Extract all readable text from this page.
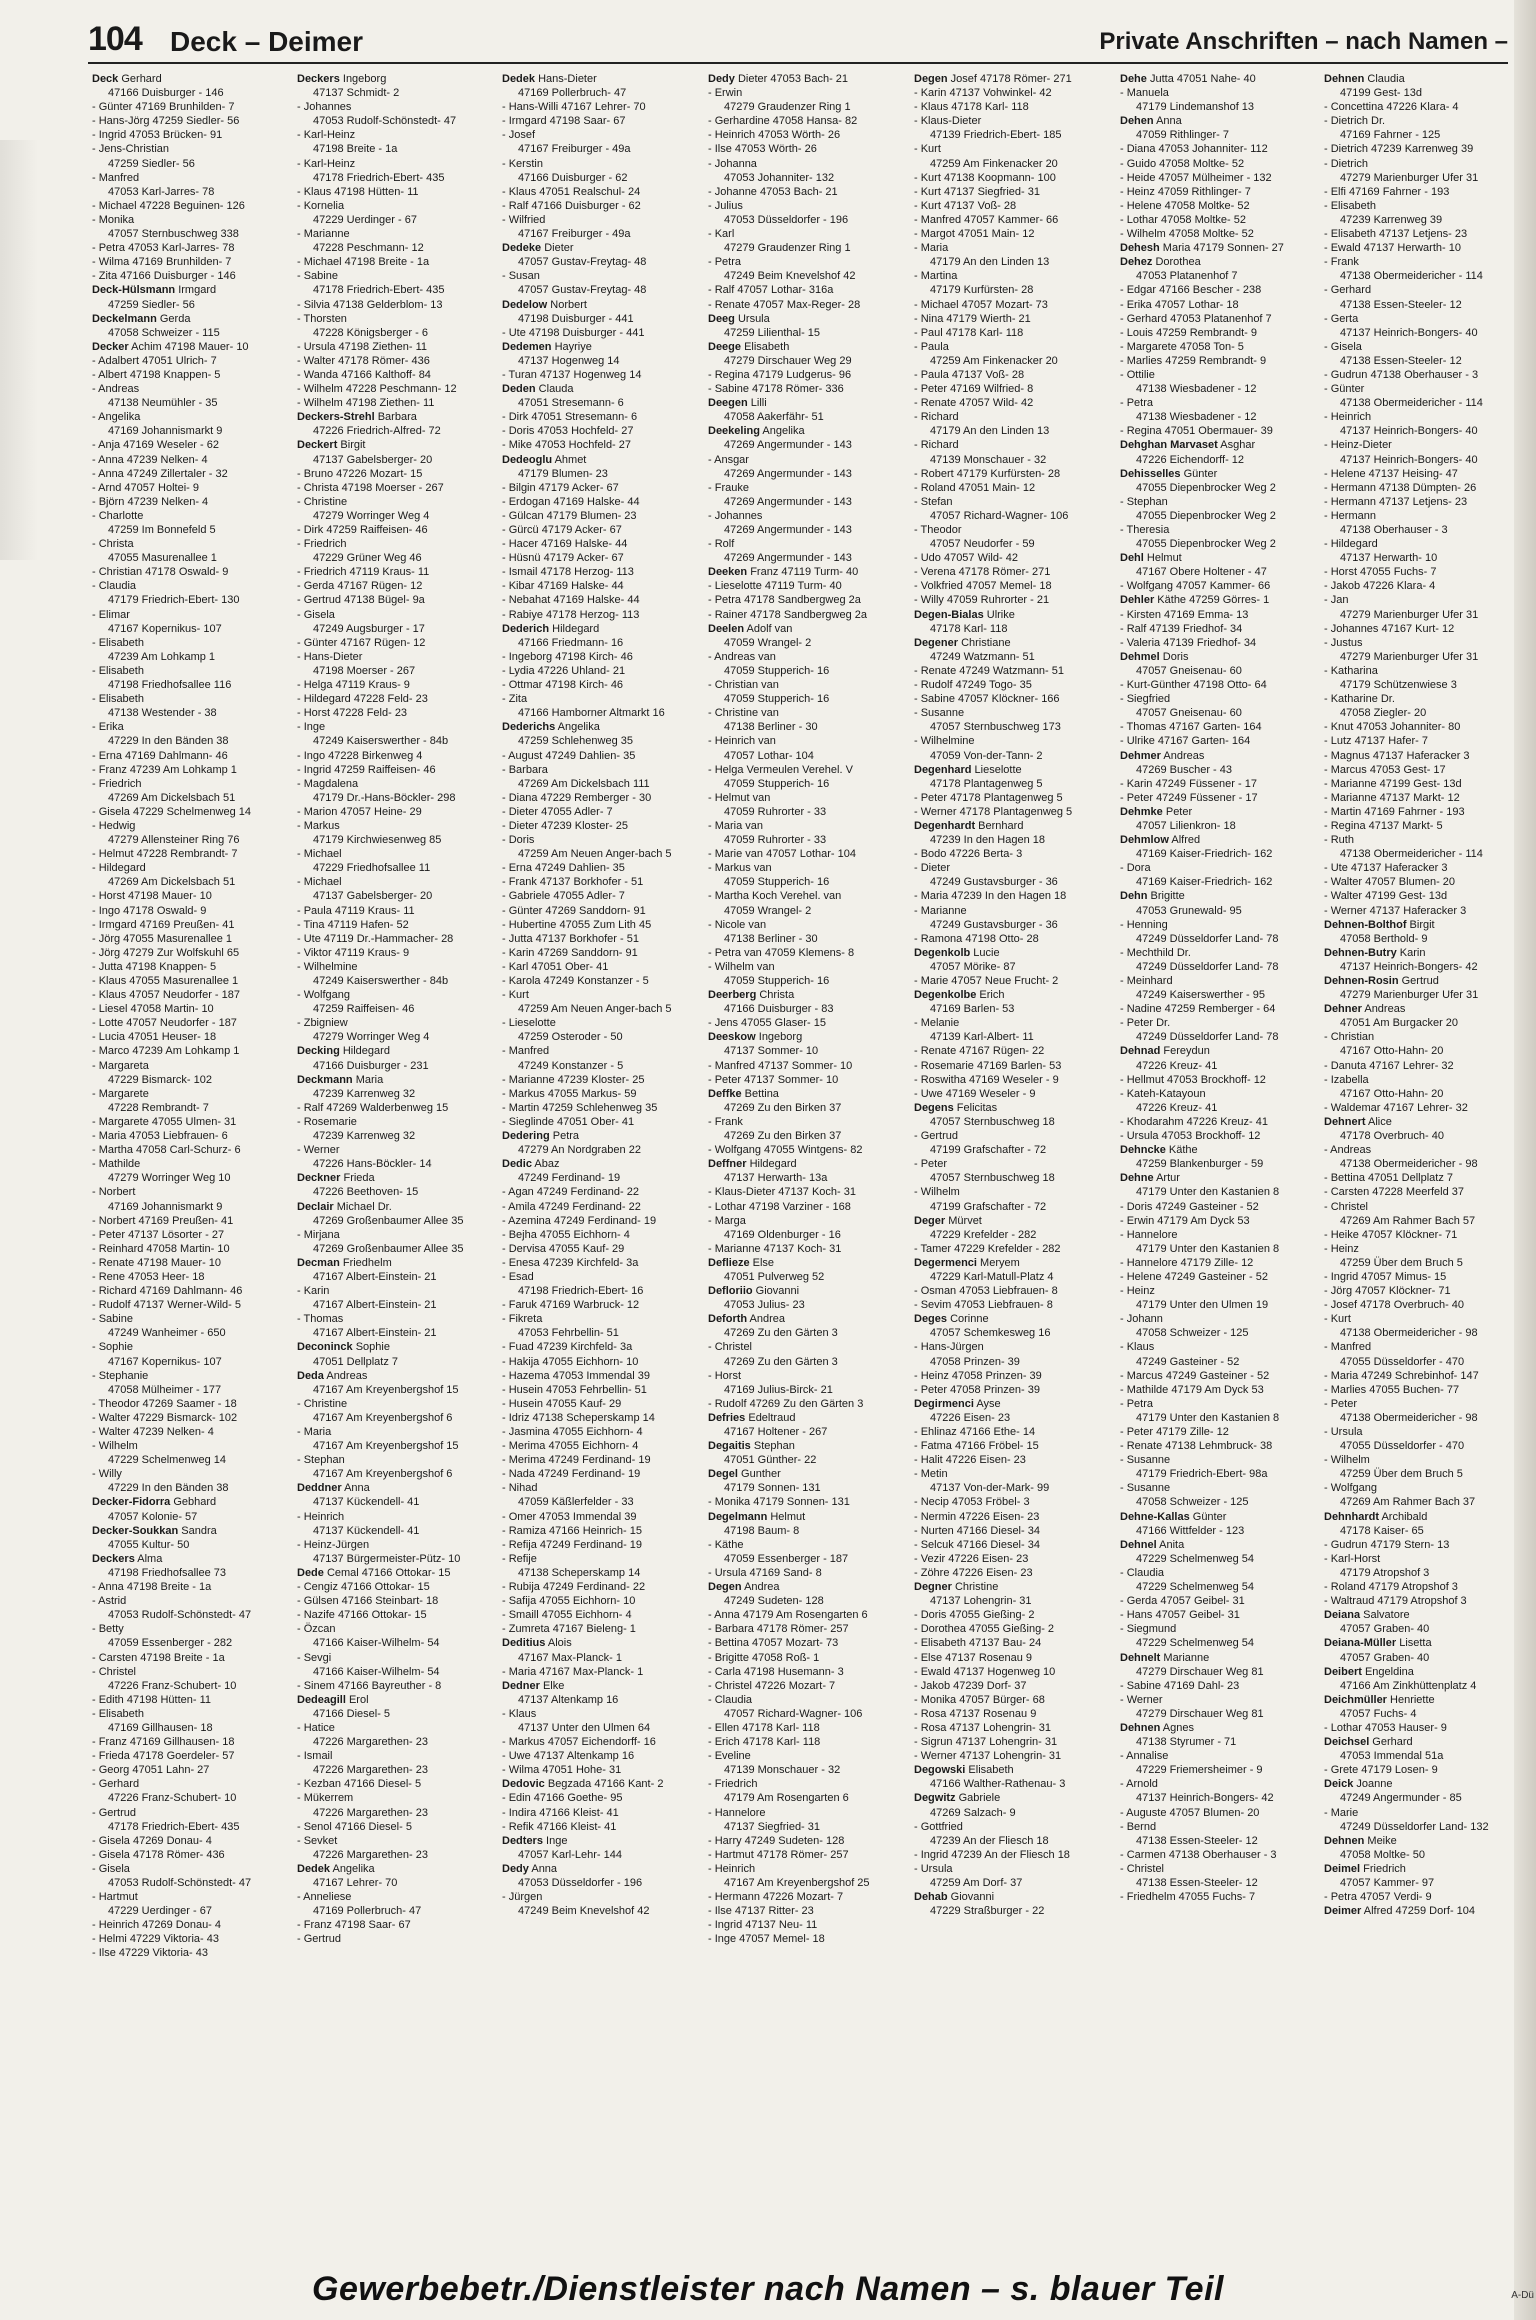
104 Deck – Deimer	Private Anschriften – nach Namen –
Deck Gerhard
47166 Duisburger - 146
- Günter 47169 Brunhilden- 7
- Hans-Jörg 47259 Siedler- 56
- Ingrid 47053 Brücken- 91
- Jens-Christian
47259 Siedler- 56
- Manfred
47053 Karl-Jarres- 78
- Michael 47228 Beguinen- 126
- Monika
47057 Sternbuschweg 338
- Petra 47053 Karl-Jarres- 78
- Wilma 47169 Brunhilden- 7
- Zita 47166 Duisburger - 146
Deck-Hülsmann Irmgard
47259 Siedler- 56
Deckelmann Gerda
47058 Schweizer - 115
Decker Achim 47198 Mauer- 10
- Adalbert 47051 Ulrich- 7
- Albert 47198 Knappen- 5
- Andreas
47138 Neumühler - 35
- Angelika
47169 Johannismarkt 9
- Anja 47169 Weseler - 62
- Anna 47239 Nelken- 4
- Anna 47249 Zillertaler - 32
- Arnd 47057 Holtei- 9
- Björn 47239 Nelken- 4
- Charlotte
47259 Im Bonnefeld 5
- Christa
47055 Masurenallee 1
- Christian 47178 Oswald- 9
- Claudia
47179 Friedrich-Ebert- 130
- Elimar
47167 Kopernikus- 107
- Elisabeth
47239 Am Lohkamp 1
- Elisabeth
47198 Friedhofsallee 116
- Elisabeth
47138 Westender - 38
- Erika
47229 In den Bänden 38
- Erna 47169 Dahlmann- 46
- Franz 47239 Am Lohkamp 1
- Friedrich
47269 Am Dickelsbach 51
- Gisela 47229 Schelmenweg 14
- Hedwig
47279 Allensteiner Ring 76
- Helmut 47228 Rembrandt- 7
- Hildegard
47269 Am Dickelsbach 51
- Horst 47198 Mauer- 10
- Ingo 47178 Oswald- 9
- Irmgard 47169 Preußen- 41
- Jörg 47055 Masurenallee 1
- Jörg 47279 Zur Wolfskuhl 65
- Jutta 47198 Knappen- 5
- Klaus 47055 Masurenallee 1
- Klaus 47057 Neudorfer - 187
- Liesel 47058 Martin- 10
- Lotte 47057 Neudorfer - 187
- Lucia 47051 Heuser- 18
- Marco 47239 Am Lohkamp 1
- Margareta
47229 Bismarck- 102
- Margarete
47228 Rembrandt- 7
- Margarete 47055 Ulmen- 31
- Maria 47053 Liebfrauen- 6
- Martha 47058 Carl-Schurz- 6
- Mathilde
47279 Worringer Weg 10
- Norbert
47169 Johannismarkt 9
- Norbert 47169 Preußen- 41
- Peter 47137 Lösorter - 27
- Reinhard 47058 Martin- 10
- Renate 47198 Mauer- 10
- Rene 47053 Heer- 18
- Richard 47169 Dahlmann- 46
- Rudolf 47137 Werner-Wild- 5
- Sabine
47249 Wanheimer - 650
- Sophie
47167 Kopernikus- 107
- Stephanie
47058 Mülheimer - 177
- Theodor 47269 Saamer - 18
- Walter 47229 Bismarck- 102
- Walter 47239 Nelken- 4
- Wilhelm
47229 Schelmenweg 14
- Willy
47229 In den Bänden 38
Decker-Fidorra Gebhard
47057 Kolonie- 57
Decker-Soukkan Sandra
47055 Kultur- 50
Deckers Alma
47198 Friedhofsallee 73
- Anna 47198 Breite - 1a
- Astrid
47053 Rudolf-Schönstedt- 47
- Betty
47059 Essenberger - 282
- Carsten 47198 Breite - 1a
- Christel
47226 Franz-Schubert- 10
- Edith 47198 Hütten- 11
- Elisabeth
47169 Gillhausen- 18
- Franz 47169 Gillhausen- 18
- Frieda 47178 Goerdeler- 57
- Georg 47051 Lahn- 27
- Gerhard
47226 Franz-Schubert- 10
- Gertrud
47178 Friedrich-Ebert- 435
- Gisela 47269 Donau- 4
- Gisela 47178 Römer- 436
- Gisela
47053 Rudolf-Schönstedt- 47
- Hartmut
47229 Uerdinger - 67
- Heinrich 47269 Donau- 4
- Helmi 47229 Viktoria- 43
- Ilse 47229 Viktoria- 43
Deckers Ingeborg
47137 Schmidt- 2
- Johannes
47053 Rudolf-Schönstedt- 47
- Karl-Heinz
47198 Breite - 1a
- Karl-Heinz
47178 Friedrich-Ebert- 435
- Klaus 47198 Hütten- 11
- Kornelia
47229 Uerdinger - 67
- Marianne
47228 Peschmann- 12
- Michael 47198 Breite - 1a
- Sabine
47178 Friedrich-Ebert- 435
- Silvia 47138 Gelderblom- 13
- Thorsten
47228 Königsberger - 6
- Ursula 47198 Ziethen- 11
- Walter 47178 Römer- 436
- Wanda 47166 Kalthoff- 84
- Wilhelm 47228 Peschmann- 12
- Wilhelm 47198 Ziethen- 11
Deckers-Strehl Barbara
47226 Friedrich-Alfred- 72
Deckert Birgit
47137 Gabelsberger- 20
- Bruno 47226 Mozart- 15
- Christa 47198 Moerser - 267
- Christine
47279 Worringer Weg 4
- Dirk 47259 Raiffeisen- 46
- Friedrich
47229 Grüner Weg 46
- Friedrich 47119 Kraus- 11
- Gerda 47167 Rügen- 12
- Gertrud 47138 Bügel- 9a
- Gisela
47249 Augsburger - 17
- Günter 47167 Rügen- 12
- Hans-Dieter
47198 Moerser - 267
- Helga 47119 Kraus- 9
- Hildegard 47228 Feld- 23
- Horst 47228 Feld- 23
- Inge
47249 Kaiserswerther - 84b
- Ingo 47228 Birkenweg 4
- Ingrid 47259 Raiffeisen- 46
- Magdalena
47179 Dr.-Hans-Böckler- 298
- Marion 47057 Heine- 29
- Markus
47179 Kirchwiesenweg 85
- Michael
47229 Friedhofsallee 11
- Michael
47137 Gabelsberger- 20
- Paula 47119 Kraus- 11
- Tina 47119 Hafen- 52
- Ute 47119 Dr.-Hammacher- 28
- Viktor 47119 Kraus- 9
- Wilhelmine
47249 Kaiserswerther - 84b
- Wolfgang
47259 Raiffeisen- 46
- Zbigniew
47279 Worringer Weg 4
Decking Hildegard
47166 Duisburger - 231
Deckmann Maria
47239 Karrenweg 32
- Ralf 47269 Walderbenweg 15
- Rosemarie
47239 Karrenweg 32
- Werner
47226 Hans-Böckler- 14
Deckner Frieda
47226 Beethoven- 15
Declair Michael Dr.
47269 Großenbaumer Allee 35
- Mirjana
47269 Großenbaumer Allee 35
Decman Friedhelm
47167 Albert-Einstein- 21
- Karin
47167 Albert-Einstein- 21
- Thomas
47167 Albert-Einstein- 21
Deconinck Sophie
47051 Dellplatz 7
Deda Andreas
47167 Am Kreyenbergshof 15
- Christine
47167 Am Kreyenbergshof 6
- Maria
47167 Am Kreyenbergshof 15
- Stephan
47167 Am Kreyenbergshof 6
Deddner Anna
47137 Kückendell- 41
- Heinrich
47137 Kückendell- 41
- Heinz-Jürgen
47137 Bürgermeister-Pütz- 10
Dede Cemal 47166 Ottokar- 15
- Cengiz 47166 Ottokar- 15
- Gülsen 47166 Steinbart- 18
- Nazife 47166 Ottokar- 15
- Özcan
47166 Kaiser-Wilhelm- 54
- Sevgi
47166 Kaiser-Wilhelm- 54
- Sinem 47166 Bayreuther - 8
Dedeagill Erol
47166 Diesel- 5
- Hatice
47226 Margarethen- 23
- Ismail
47226 Margarethen- 23
- Kezban 47166 Diesel- 5
- Mükerrem
47226 Margarethen- 23
- Senol 47166 Diesel- 5
- Sevket
47226 Margarethen- 23
Dedek Angelika
47167 Lehrer- 70
- Anneliese
47169 Pollerbruch- 47
- Franz 47198 Saar- 67
- Gertrud
Dedek Hans-Dieter
47169 Pollerbruch- 47
- Hans-Willi 47167 Lehrer- 70
- Irmgard 47198 Saar- 67
- Josef
47167 Freiburger - 49a
- Kerstin
47166 Duisburger - 62
- Klaus 47051 Realschul- 24
- Ralf 47166 Duisburger - 62
- Wilfried
47167 Freiburger - 49a
Dedeke Dieter
47057 Gustav-Freytag- 48
- Susan
47057 Gustav-Freytag- 48
Dedelow Norbert
47198 Duisburger - 441
- Ute 47198 Duisburger - 441
Dedemen Hayriye
47137 Hogenweg 14
- Turan 47137 Hogenweg 14
Deden Clauda
47051 Stresemann- 6
- Dirk 47051 Stresemann- 6
- Doris 47053 Hochfeld- 27
- Mike 47053 Hochfeld- 27
Dedeoglu Ahmet
47179 Blumen- 23
- Bilgin 47179 Acker- 67
- Erdogan 47169 Halske- 44
- Gülcan 47179 Blumen- 23
- Gürcü 47179 Acker- 67
- Hacer 47169 Halske- 44
- Hüsnü 47179 Acker- 67
- Ismail 47178 Herzog- 113
- Kibar 47169 Halske- 44
- Nebahat 47169 Halske- 44
- Rabiye 47178 Herzog- 113
Dederich Hildegard
47166 Friedmann- 16
- Ingeborg 47198 Kirch- 46
- Lydia 47226 Uhland- 21
- Ottmar 47198 Kirch- 46
- Zita
47166 Hamborner Altmarkt 16
Dederichs Angelika
47259 Schlehenweg 35
- August 47249 Dahlien- 35
- Barbara
47269 Am Dickelsbach 111
- Diana 47229 Remberger - 30
- Dieter 47055 Adler- 7
- Dieter 47239 Kloster- 25
- Doris
47259 Am Neuen Anger-bach 5
- Erna 47249 Dahlien- 35
- Frank 47137 Borkhofer - 51
- Gabriele 47055 Adler- 7
- Günter 47269 Sanddorn- 91
- Hubertine 47055 Zum Lith 45
- Jutta 47137 Borkhofer - 51
- Karin 47269 Sanddorn- 91
- Karl 47051 Ober- 41
- Karola 47249 Konstanzer - 5
- Kurt
47259 Am Neuen Anger-bach 5
- Lieselotte
47259 Osteroder - 50
- Manfred
47249 Konstanzer - 5
- Marianne 47239 Kloster- 25
- Markus 47055 Markus- 59
- Martin 47259 Schlehenweg 35
- Sieglinde 47051 Ober- 41
Dedering Petra
47279 An Nordgraben 22
Dedic Abaz
47249 Ferdinand- 19
- Agan 47249 Ferdinand- 22
- Amila 47249 Ferdinand- 22
- Azemina 47249 Ferdinand- 19
- Bejha 47055 Eichhorn- 4
- Dervisa 47055 Kauf- 29
- Enesa 47239 Kirchfeld- 3a
- Esad
47198 Friedrich-Ebert- 16
- Faruk 47169 Warbruck- 12
- Fikreta
47053 Fehrbellin- 51
- Fuad 47239 Kirchfeld- 3a
- Hakija 47055 Eichhorn- 10
- Hazema 47053 Immendal 39
- Husein 47053 Fehrbellin- 51
- Husein 47055 Kauf- 29
- Idriz 47138 Scheperskamp 14
- Jasmina 47055 Eichhorn- 4
- Merima 47055 Eichhorn- 4
- Merima 47249 Ferdinand- 19
- Nada 47249 Ferdinand- 19
- Nihad
47059 Käßlerfelder - 33
- Omer 47053 Immendal 39
- Ramiza 47166 Heinrich- 15
- Refija 47249 Ferdinand- 19
- Refije
47138 Scheperskamp 14
- Rubija 47249 Ferdinand- 22
- Safija 47055 Eichhorn- 10
- Smaill 47055 Eichhorn- 4
- Zumreta 47167 Bieleng- 1
Deditius Alois
47167 Max-Planck- 1
- Maria 47167 Max-Planck- 1
Dedner Elke
47137 Altenkamp 16
- Klaus
47137 Unter den Ulmen 64
- Markus 47057 Eichendorff- 16
- Uwe 47137 Altenkamp 16
- Wilma 47051 Hohe- 31
Dedovic Begzada 47166 Kant- 2
- Edin 47166 Goethe- 95
- Indira 47166 Kleist- 41
- Refik 47166 Kleist- 41
Dedters Inge
47057 Karl-Lehr- 144
Dedy Anna
47053 Düsseldorfer - 196
- Jürgen
47249 Beim Knevelshof 42
Dedy Dieter 47053 Bach- 21
- Erwin
47279 Graudenzer Ring 1
- Gerhardine 47058 Hansa- 82
- Heinrich 47053 Wörth- 26
- Ilse 47053 Wörth- 26
- Johanna
47053 Johanniter- 132
- Johanne 47053 Bach- 21
- Julius
47053 Düsseldorfer - 196
- Karl
47279 Graudenzer Ring 1
- Petra
47249 Beim Knevelshof 42
- Ralf 47057 Lothar- 316a
- Renate 47057 Max-Reger- 28
Deeg Ursula
47259 Lilienthal- 15
Deege Elisabeth
47279 Dirschauer Weg 29
- Regina 47179 Ludgerus- 96
- Sabine 47178 Römer- 336
Deegen Lilli
47058 Aakerfähr- 51
Deekeling Angelika
47269 Angermunder - 143
- Ansgar
47269 Angermunder - 143
- Frauke
47269 Angermunder - 143
- Johannes
47269 Angermunder - 143
- Rolf
47269 Angermunder - 143
Deeken Franz 47119 Turm- 40
- Lieselotte 47119 Turm- 40
- Petra 47178 Sandbergweg 2a
- Rainer 47178 Sandbergweg 2a
Deelen Adolf van
47059 Wrangel- 2
- Andreas van
47059 Stupperich- 16
- Christian van
47059 Stupperich- 16
- Christine van
47138 Berliner - 30
- Heinrich van
47057 Lothar- 104
- Helga Vermeulen Verehel. V
47059 Stupperich- 16
- Helmut van
47059 Ruhrorter - 33
- Maria van
47059 Ruhrorter - 33
- Marie van 47057 Lothar- 104
- Markus van
47059 Stupperich- 16
- Martha Koch Verehel. van
47059 Wrangel- 2
- Nicole van
47138 Berliner - 30
- Petra van 47059 Klemens- 8
- Wilhelm van
47059 Stupperich- 16
Deerberg Christa
47166 Duisburger - 83
- Jens 47055 Glaser- 15
Deeskow Ingeborg
47137 Sommer- 10
- Manfred 47137 Sommer- 10
- Peter 47137 Sommer- 10
Deffke Bettina
47269 Zu den Birken 37
- Frank
47269 Zu den Birken 37
- Wolfgang 47055 Wintgens- 82
Deffner Hildegard
47137 Herwarth- 13a
- Klaus-Dieter 47137 Koch- 31
- Lothar 47198 Varziner - 168
- Marga
47169 Oldenburger - 16
- Marianne 47137 Koch- 31
Deflieze Else
47051 Pulverweg 52
Defloriio Giovanni
47053 Julius- 23
Deforth Andrea
47269 Zu den Gärten 3
- Christel
47269 Zu den Gärten 3
- Horst
47169 Julius-Birck- 21
- Rudolf 47269 Zu den Gärten 3
Defries Edeltraud
47167 Holtener - 267
Degaitis Stephan
47051 Günther- 22
Degel Gunther
47179 Sonnen- 131
- Monika 47179 Sonnen- 131
Degelmann Helmut
47198 Baum- 8
- Käthe
47059 Essenberger - 187
- Ursula 47169 Sand- 8
Degen Andrea
47249 Sudeten- 128
- Anna 47179 Am Rosengarten 6
- Barbara 47178 Römer- 257
- Bettina 47057 Mozart- 73
- Brigitte 47058 Roß- 1
- Carla 47198 Husemann- 3
- Christel 47226 Mozart- 7
- Claudia
47057 Richard-Wagner- 106
- Ellen 47178 Karl- 118
- Erich 47178 Karl- 118
- Eveline
47139 Monschauer - 32
- Friedrich
47179 Am Rosengarten 6
- Hannelore
47137 Siegfried- 31
- Harry 47249 Sudeten- 128
- Hartmut 47178 Römer- 257
- Heinrich
47167 Am Kreyenbergshof 25
- Hermann 47226 Mozart- 7
- Ilse 47137 Ritter- 23
- Ingrid 47137 Neu- 11
- Inge 47057 Memel- 18
Degen Josef 47178 Römer- 271
- Karin 47137 Vohwinkel- 42
- Klaus 47178 Karl- 118
- Klaus-Dieter
47139 Friedrich-Ebert- 185
- Kurt
47259 Am Finkenacker 20
- Kurt 47138 Koopmann- 100
- Kurt 47137 Siegfried- 31
- Kurt 47137 Voß- 28
- Manfred 47057 Kammer- 66
- Margot 47051 Main- 12
- Maria
47179 An den Linden 13
- Martina
47179 Kurfürsten- 28
- Michael 47057 Mozart- 73
- Nina 47179 Wierth- 21
- Paul 47178 Karl- 118
- Paula
47259 Am Finkenacker 20
- Paula 47137 Voß- 28
- Peter 47169 Wilfried- 8
- Renate 47057 Wild- 42
- Richard
47179 An den Linden 13
- Richard
47139 Monschauer - 32
- Robert 47179 Kurfürsten- 28
- Roland 47051 Main- 12
- Stefan
47057 Richard-Wagner- 106
- Theodor
47057 Neudorfer - 59
- Udo 47057 Wild- 42
- Verena 47178 Römer- 271
- Volkfried 47057 Memel- 18
- Willy 47059 Ruhrorter - 21
Degen-Bialas Ulrike
47178 Karl- 118
Degener Christiane
47249 Watzmann- 51
- Renate 47249 Watzmann- 51
- Rudolf 47249 Togo- 35
- Sabine 47057 Klöckner- 166
- Susanne
47057 Sternbuschweg 173
- Wilhelmine
47059 Von-der-Tann- 2
Degenhard Lieselotte
47178 Plantagenweg 5
- Peter 47178 Plantagenweg 5
- Werner 47178 Plantagenweg 5
Degenhardt Bernhard
47239 In den Hagen 18
- Bodo 47226 Berta- 3
- Dieter
47249 Gustavsburger - 36
- Maria 47239 In den Hagen 18
- Marianne
47249 Gustavsburger - 36
- Ramona 47198 Otto- 28
Degenkolb Lucie
47057 Mörike- 87
- Marie 47057 Neue Frucht- 2
Degenkolbe Erich
47169 Barlen- 53
- Melanie
47139 Karl-Albert- 11
- Renate 47167 Rügen- 22
- Rosemarie 47169 Barlen- 53
- Roswitha 47169 Weseler - 9
- Uwe 47169 Weseler - 9
Degens Felicitas
47057 Sternbuschweg 18
- Gertrud
47199 Grafschafter - 72
- Peter
47057 Sternbuschweg 18
- Wilhelm
47199 Grafschafter - 72
Deger Mürvet
47229 Krefelder - 282
- Tamer 47229 Krefelder - 282
Degermenci Meryem
47229 Karl-Matull-Platz 4
- Osman 47053 Liebfrauen- 8
- Sevim 47053 Liebfrauen- 8
Deges Corinne
47057 Schemkesweg 16
- Hans-Jürgen
47058 Prinzen- 39
- Heinz 47058 Prinzen- 39
- Peter 47058 Prinzen- 39
Degirmenci Ayse
47226 Eisen- 23
- Ehlinaz 47166 Ethe- 14
- Fatma 47166 Fröbel- 15
- Halit 47226 Eisen- 23
- Metin
47137 Von-der-Mark- 99
- Necip 47053 Fröbel- 3
- Nermin 47226 Eisen- 23
- Nurten 47166 Diesel- 34
- Selcuk 47166 Diesel- 34
- Vezir 47226 Eisen- 23
- Zöhre 47226 Eisen- 23
Degner Christine
47137 Lohengrin- 31
- Doris 47055 Gießing- 2
- Dorothea 47055 Gießing- 2
- Elisabeth 47137 Bau- 24
- Else 47137 Rosenau 9
- Ewald 47137 Hogenweg 10
- Jakob 47239 Dorf- 37
- Monika 47057 Bürger- 68
- Rosa 47137 Rosenau 9
- Rosa 47137 Lohengrin- 31
- Sigrun 47137 Lohengrin- 31
- Werner 47137 Lohengrin- 31
Degowski Elisabeth
47166 Walther-Rathenau- 3
Degwitz Gabriele
47269 Salzach- 9
- Gottfried
47239 An der Fliesch 18
- Ingrid 47239 An der Fliesch 18
- Ursula
47259 Am Dorf- 37
Dehab Giovanni
47229 Straßburger - 22
Dehe Jutta 47051 Nahe- 40
- Manuela
47179 Lindemanshof 13
Dehen Anna
47059 Rithlinger- 7
- Diana 47053 Johanniter- 112
- Guido 47058 Moltke- 52
- Heide 47057 Mülheimer - 132
- Heinz 47059 Rithlinger- 7
- Helene 47058 Moltke- 52
- Lothar 47058 Moltke- 52
- Wilhelm 47058 Moltke- 52
Dehesh Maria 47179 Sonnen- 27
Dehez Dorothea
47053 Platanenhof 7
- Edgar 47166 Bescher - 238
- Erika 47057 Lothar- 18
- Gerhard 47053 Platanenhof 7
- Louis 47259 Rembrandt- 9
- Margarete 47058 Ton- 5
- Marlies 47259 Rembrandt- 9
- Ottilie
47138 Wiesbadener - 12
- Petra
47138 Wiesbadener - 12
- Regina 47051 Obermauer- 39
Dehghan Marvaset Asghar
47226 Eichendorff- 12
Dehisselles Günter
47055 Diepenbrocker Weg 2
- Stephan
47055 Diepenbrocker Weg 2
- Theresia
47055 Diepenbrocker Weg 2
Dehl Helmut
47167 Obere Holtener - 47
- Wolfgang 47057 Kammer- 66
Dehler Käthe 47259 Görres- 1
- Kirsten 47169 Emma- 13
- Ralf 47139 Friedhof- 34
- Valeria 47139 Friedhof- 34
Dehmel Doris
47057 Gneisenau- 60
- Kurt-Günther 47198 Otto- 64
- Siegfried
47057 Gneisenau- 60
- Thomas 47167 Garten- 164
- Ulrike 47167 Garten- 164
Dehmer Andreas
47269 Buscher - 43
- Karin 47249 Füssener - 17
- Peter 47249 Füssener - 17
Dehmke Peter
47057 Lilienkron- 18
Dehmlow Alfred
47169 Kaiser-Friedrich- 162
- Dora
47169 Kaiser-Friedrich- 162
Dehn Brigitte
47053 Grunewald- 95
- Henning
47249 Düsseldorfer Land- 78
- Mechthild Dr.
47249 Düsseldorfer Land- 78
- Meinhard
47249 Kaiserswerther - 95
- Nadine 47259 Remberger - 64
- Peter Dr.
47249 Düsseldorfer Land- 78
Dehnad Fereydun
47226 Kreuz- 41
- Hellmut 47053 Brockhoff- 12
- Kateh-Katayoun
47226 Kreuz- 41
- Khodarahm 47226 Kreuz- 41
- Ursula 47053 Brockhoff- 12
Dehncke Käthe
47259 Blankenburger - 59
Dehne Artur
47179 Unter den Kastanien 8
- Doris 47249 Gasteiner - 52
- Erwin 47179 Am Dyck 53
- Hannelore
47179 Unter den Kastanien 8
- Hannelore 47179 Zille- 12
- Helene 47249 Gasteiner - 52
- Heinz
47179 Unter den Ulmen 19
- Johann
47058 Schweizer - 125
- Klaus
47249 Gasteiner - 52
- Marcus 47249 Gasteiner - 52
- Mathilde 47179 Am Dyck 53
- Petra
47179 Unter den Kastanien 8
- Peter 47179 Zille- 12
- Renate 47138 Lehmbruck- 38
- Susanne
47179 Friedrich-Ebert- 98a
- Susanne
47058 Schweizer - 125
Dehne-Kallas Günter
47166 Wittfelder - 123
Dehnel Anita
47229 Schelmenweg 54
- Claudia
47229 Schelmenweg 54
- Gerda 47057 Geibel- 31
- Hans 47057 Geibel- 31
- Siegmund
47229 Schelmenweg 54
Dehnelt Marianne
47279 Dirschauer Weg 81
- Sabine 47169 Dahl- 23
- Werner
47279 Dirschauer Weg 81
Dehnen Agnes
47138 Styrumer - 71
- Annalise
47229 Friemersheimer - 9
- Arnold
47137 Heinrich-Bongers- 42
- Auguste 47057 Blumen- 20
- Bernd
47138 Essen-Steeler- 12
- Carmen 47138 Oberhauser - 3
- Christel
47138 Essen-Steeler- 12
- Friedhelm 47055 Fuchs- 7
Dehnen Claudia
47199 Gest- 13d
- Concettina 47226 Klara- 4
- Dietrich Dr.
47169 Fahrner - 125
- Dietrich 47239 Karrenweg 39
- Dietrich
47279 Marienburger Ufer 31
- Elfi 47169 Fahrner - 193
- Elisabeth
47239 Karrenweg 39
- Elisabeth 47137 Letjens- 23
- Ewald 47137 Herwarth- 10
- Frank
47138 Obermeidericher - 114
- Gerhard
47138 Essen-Steeler- 12
- Gerta
47137 Heinrich-Bongers- 40
- Gisela
47138 Essen-Steeler- 12
- Gudrun 47138 Oberhauser - 3
- Günter
47138 Obermeidericher - 114
- Heinrich
47137 Heinrich-Bongers- 40
- Heinz-Dieter
47137 Heinrich-Bongers- 40
- Helene 47137 Heising- 47
- Hermann 47138 Dümpten- 26
- Hermann 47137 Letjens- 23
- Hermann
47138 Oberhauser - 3
- Hildegard
47137 Herwarth- 10
- Horst 47055 Fuchs- 7
- Jakob 47226 Klara- 4
- Jan
47279 Marienburger Ufer 31
- Johannes 47167 Kurt- 12
- Justus
47279 Marienburger Ufer 31
- Katharina
47179 Schützenwiese 3
- Katharine Dr.
47058 Ziegler- 20
- Knut 47053 Johanniter- 80
- Lutz 47137 Hafer- 7
- Magnus 47137 Haferacker 3
- Marcus 47053 Gest- 17
- Marianne 47199 Gest- 13d
- Marianne 47137 Markt- 12
- Martin 47169 Fahrner - 193
- Regina 47137 Markt- 5
- Ruth
47138 Obermeidericher - 114
- Ute 47137 Haferacker 3
- Walter 47057 Blumen- 20
- Walter 47199 Gest- 13d
- Werner 47137 Haferacker 3
Dehnen-Bolthof Birgit
47058 Berthold- 9
Dehnen-Butry Karin
47137 Heinrich-Bongers- 42
Dehnen-Rosin Gertrud
47279 Marienburger Ufer 31
Dehner Andreas
47051 Am Burgacker 20
- Christian
47167 Otto-Hahn- 20
- Danuta 47167 Lehrer- 32
- Izabella
47167 Otto-Hahn- 20
- Waldemar 47167 Lehrer- 32
Dehnert Alice
47178 Overbruch- 40
- Andreas
47138 Obermeidericher - 98
- Bettina 47051 Dellplatz 7
- Carsten 47228 Meerfeld 37
- Christel
47269 Am Rahmer Bach 57
- Heike 47057 Klöckner- 71
- Heinz
47259 Über dem Bruch 5
- Ingrid 47057 Mimus- 15
- Jörg 47057 Klöckner- 71
- Josef 47178 Overbruch- 40
- Kurt
47138 Obermeidericher - 98
- Manfred
47055 Düsseldorfer - 470
- Maria 47249 Schrebinhof- 147
- Marlies 47055 Buchen- 77
- Peter
47138 Obermeidericher - 98
- Ursula
47055 Düsseldorfer - 470
- Wilhelm
47259 Über dem Bruch 5
- Wolfgang
47269 Am Rahmer Bach 37
Dehnhardt Archibald
47178 Kaiser- 65
- Gudrun 47179 Stern- 13
- Karl-Horst
47179 Atropshof 3
- Roland 47179 Atropshof 3
- Waltraud 47179 Atropshof 3
Deiana Salvatore
47057 Graben- 40
Deiana-Müller Lisetta
47057 Graben- 40
Deibert Engeldina
47166 Am Zinkhüttenplatz 4
Deichmüller Henriette
47057 Fuchs- 4
- Lothar 47053 Hauser- 9
Deichsel Gerhard
47053 Immendal 51a
- Grete 47179 Losen- 9
Deick Joanne
47249 Angermunder - 85
- Marie
47249 Düsseldorfer Land- 132
Dehnen Meike
47058 Moltke- 50
Deimel Friedrich
47057 Kammer- 97
- Petra 47057 Verdi- 9
Deimer Alfred 47259 Dorf- 104
Gewerbebetr./Dienstleister nach Namen – s. blauer Teil	A-Dü
